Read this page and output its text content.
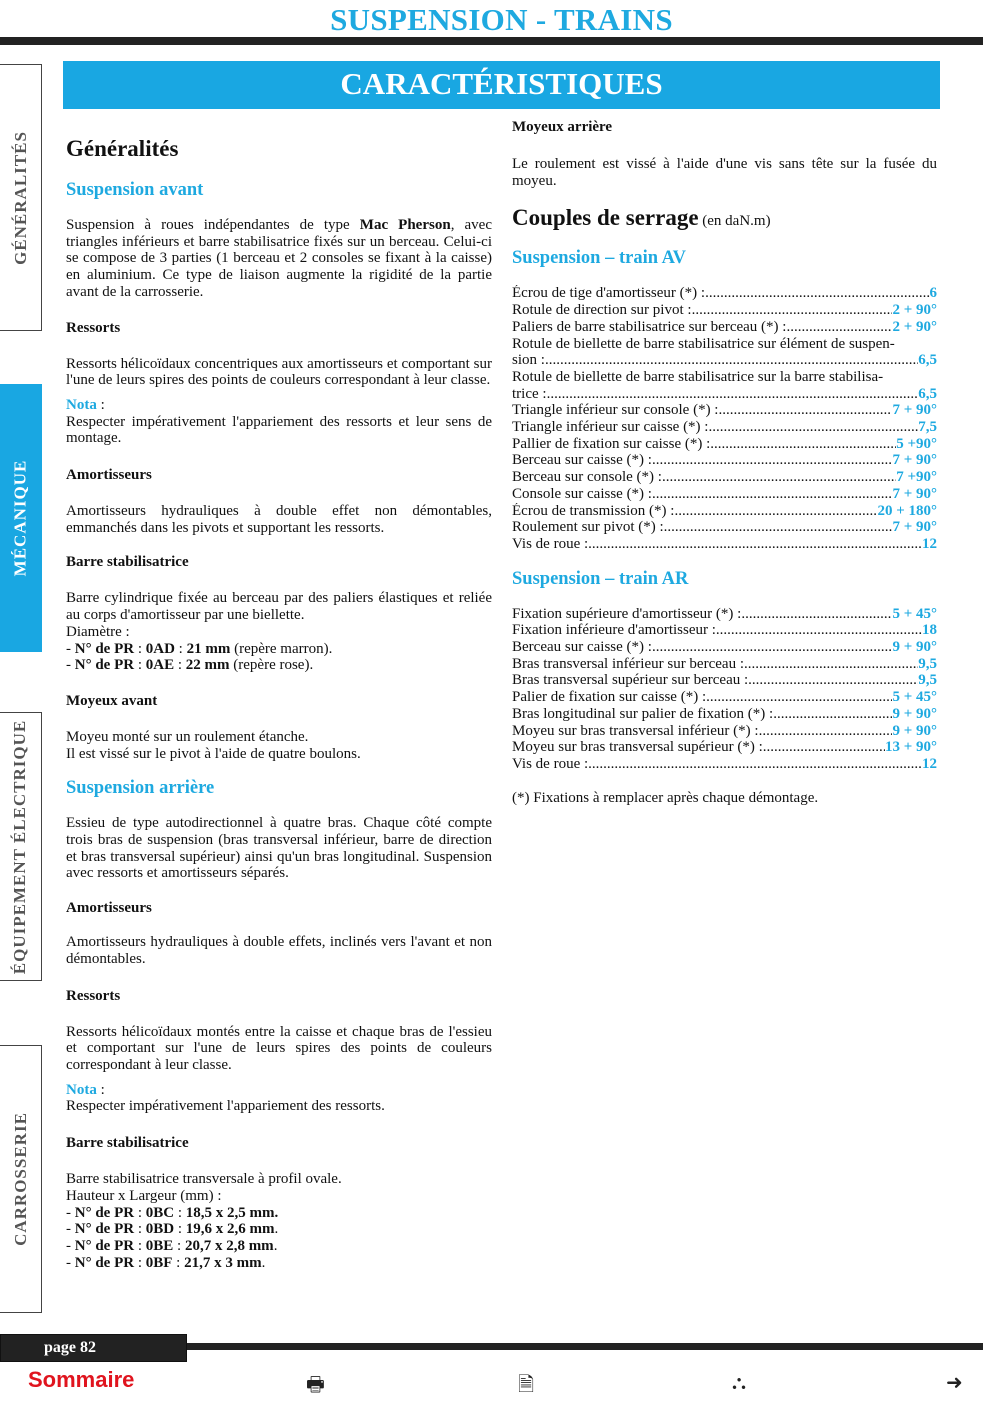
SUSPENSION - TRAINS
CARACTÉRISTIQUES
GÉNÉRALITÉS
MÉCANIQUE
ÉQUIPEMENT ÉLECTRIQUE
CARROSSERIE
Généralités
Suspension avant

Suspension à roues indépendantes de type Mac Pherson, avec triangles inférieurs et barre stabilisatrice fixés sur un berceau. Celui-ci se compose de 3 parties (1 berceau et 2 consoles se fixant à la caisse) en aluminium. Ce type de liaison augmente la rigidité de la partie avant de la carrosserie.

Ressorts

Ressorts hélicoïdaux concentriques aux amortisseurs et comportant sur l'une de leurs spires des points de couleurs correspondant à leur classe.

Nota :

Respecter impérativement l'appariement des ressorts et leur sens de montage.

Amortisseurs

Amortisseurs hydrauliques à double effet non démontables, emmanchés dans les pivots et supportant les ressorts.

Barre stabilisatrice

Barre cylindrique fixée au berceau par des paliers élastiques et reliée au corps d'amortisseur par une biellette.

Diamètre :
- N° de PR : 0AD : 21 mm (repère marron).
- N° de PR : 0AE : 22 mm (repère rose).
Moyeux avant

Moyeu monté sur un roulement étanche.

Il est vissé sur le pivot à l'aide de quatre boulons.

Suspension arrière

Essieu de type autodirectionnel à quatre bras. Chaque côté compte trois bras de suspension (bras transversal inférieur, barre de direction et bras transversal supérieur) ainsi qu'un bras longitudinal. Suspension avec ressorts et amortisseurs séparés.

Amortisseurs

Amortisseurs hydrauliques à double effets, inclinés vers l'avant et non démontables.

Ressorts

Ressorts hélicoïdaux montés entre la caisse et chaque bras de l'essieu et comportant sur l'une de leurs spires des points de couleurs correspondant à leur classe.

Nota :

Respecter impérativement l'appariement des ressorts.

Barre stabilisatrice

Barre stabilisatrice transversale à profil ovale.

Hauteur x Largeur (mm) :

- N° de PR : 0BC : 18,5 x 2,5 mm.
- N° de PR : 0BD : 19,6 x 2,6 mm.
- N° de PR : 0BE : 20,7 x 2,8 mm.
- N° de PR : 0BF : 21,7 x 3 mm.
Moyeux arrière

Le roulement est vissé à l'aide d'une vis sans tête sur la fusée du moyeu.

Couples de serrage (en daN.m)
Suspension – train AV
Écrou de tige d'amortisseur (*) : .....	6
Rotule de direction sur pivot : .....	2 + 90°
Paliers de barre stabilisatrice sur berceau (*) : .....	2 + 90°
Rotule de biellette de barre stabilisatrice sur élément de suspen-
sion : .....	6,5
Rotule de biellette de barre stabilisatrice sur la barre stabilisa-
trice : .....	6,5
Triangle inférieur sur console (*) : .....	7 + 90°
Triangle inférieur sur caisse (*) : .....	7,5
Pallier de fixation sur caisse (*) : .....	5 +90°
Berceau sur caisse (*) : .....	7 + 90°
Berceau sur console (*) : .....	7 +90°
Console sur caisse (*) : .....	7 + 90°
Écrou de transmission (*) : .....	20 + 180°
Roulement sur pivot (*) : .....	7 + 90°
Vis de roue : .....	12
Suspension – train AR
Fixation supérieure d'amortisseur (*) : .....	5 + 45°
Fixation inférieure d'amortisseur : .....	18
Berceau sur caisse (*) : .....	9 + 90°
Bras transversal inférieur sur berceau : .....	9,5
Bras transversal supérieur sur berceau : .....	9,5
Palier de fixation sur caisse (*) : .....	5 + 45°
Bras longitudinal sur palier de fixation (*) : .....	9 + 90°
Moyeu sur bras transversal inférieur (*) : .....	9 + 90°
Moyeu sur bras transversal supérieur (*) : .....	13 + 90°
Vis de roue : .....	12

(*) Fixations à remplacer après chaque démontage.

page 82
Sommaire	🖶	🗎	⛬	➜
